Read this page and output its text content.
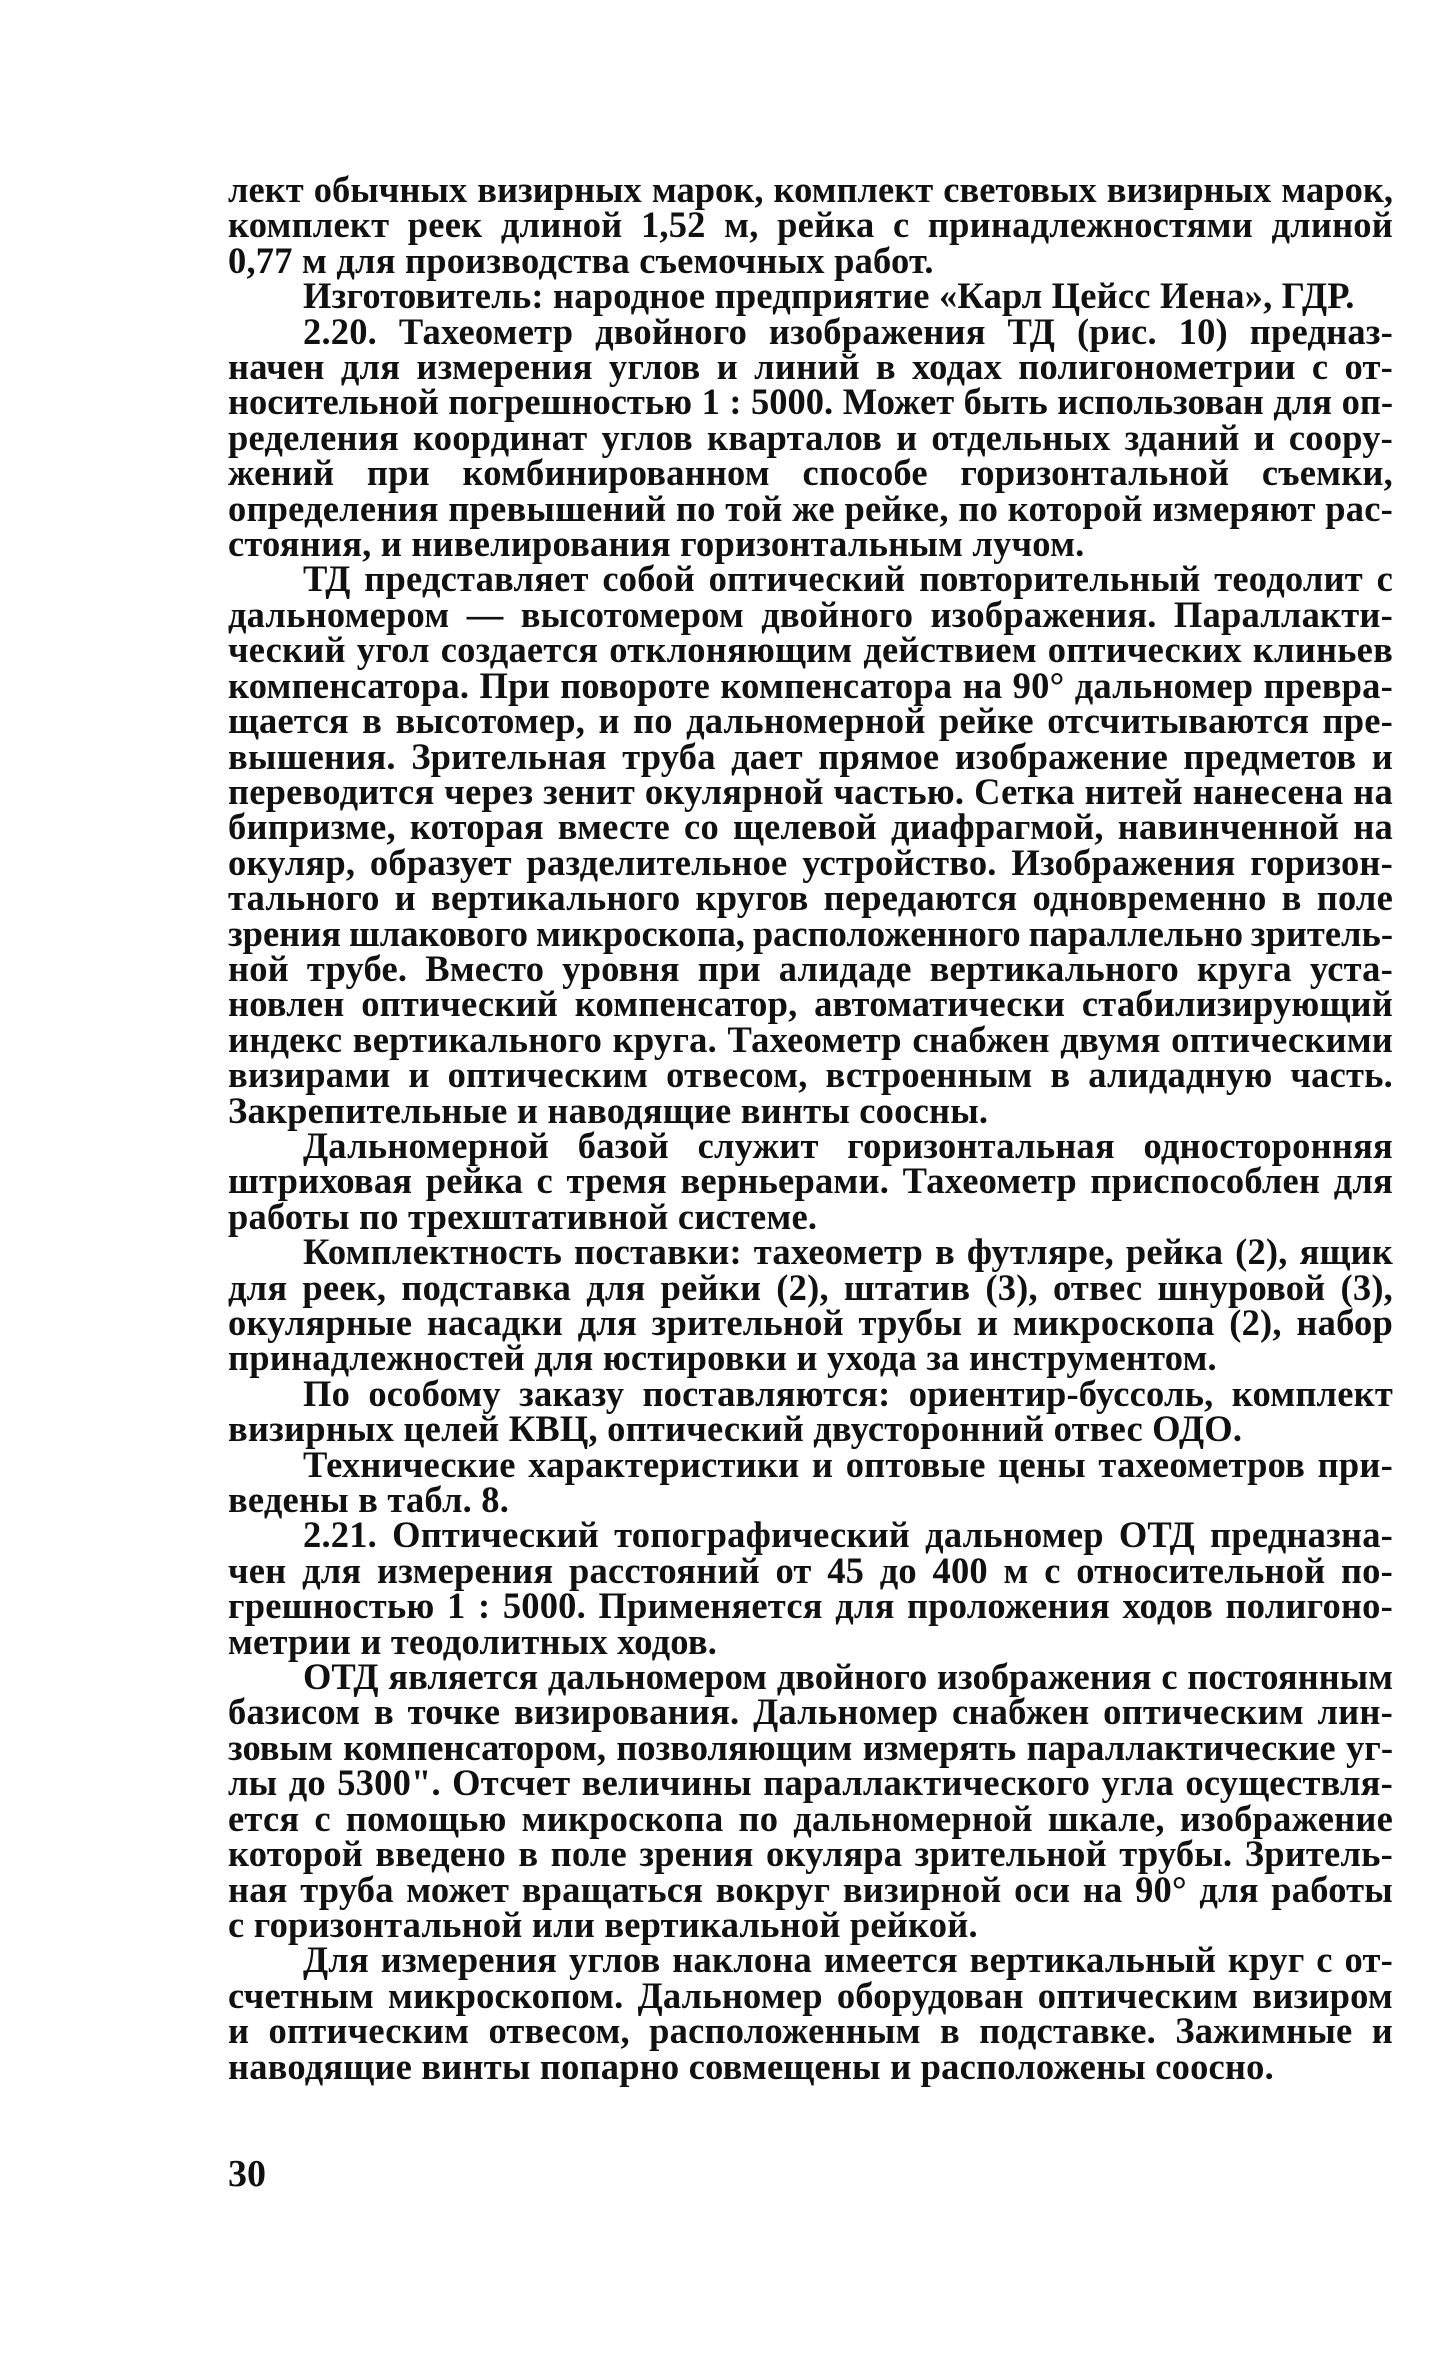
лект обычных визирных марок, комплект световых визирных марок,
комплект реек длиной 1,52 м, рейка с принадлежностями длиной
0,77 м для производства съемочных работ.
Изготовитель: народное предприятие «Карл Цейсс Иена», ГДР.
2.20. Тахеометр двойного изображения ТД (рис. 10) предназ-
начен для измерения углов и линий в ходах полигонометрии с от-
носительной погрешностью 1 : 5000. Может быть использован для оп-
ределения координат углов кварталов и отдельных зданий и соору-
жений при комбинированном способе горизонтальной съемки,
определения превышений по той же рейке, по которой измеряют рас-
стояния, и нивелирования горизонтальным лучом.
ТД представляет собой оптический повторительный теодолит с
дальномером — высотомером двойного изображения. Параллакти-
ческий угол создается отклоняющим действием оптических клиньев
компенсатора. При повороте компенсатора на 90° дальномер превра-
щается в высотомер, и по дальномерной рейке отсчитываются пре-
вышения. Зрительная труба дает прямое изображение предметов и
переводится через зенит окулярной частью. Сетка нитей нанесена на
бипризме, которая вместе со щелевой диафрагмой, навинченной на
окуляр, образует разделительное устройство. Изображения горизон-
тального и вертикального кругов передаются одновременно в поле
зрения шлакового микроскопа, расположенного параллельно зритель-
ной трубе. Вместо уровня при алидаде вертикального круга уста-
новлен оптический компенсатор, автоматически стабилизирующий
индекс вертикального круга. Тахеометр снабжен двумя оптическими
визирами и оптическим отвесом, встроенным в алидадную часть.
Закрепительные и наводящие винты соосны.
Дальномерной базой служит горизонтальная односторонняя
штриховая рейка с тремя верньерами. Тахеометр приспособлен для
работы по трехштативной системе.
Комплектность поставки: тахеометр в футляре, рейка (2), ящик
для реек, подставка для рейки (2), штатив (3), отвес шнуровой (3),
окулярные насадки для зрительной трубы и микроскопа (2), набор
принадлежностей для юстировки и ухода за инструментом.
По особому заказу поставляются: ориентир-буссоль, комплект
визирных целей КВЦ, оптический двусторонний отвес ОДО.
Технические характеристики и оптовые цены тахеометров при-
ведены в табл. 8.
2.21. Оптический топографический дальномер ОТД предназна-
чен для измерения расстояний от 45 до 400 м с относительной по-
грешностью 1 : 5000. Применяется для проложения ходов полигоно-
метрии и теодолитных ходов.
ОТД является дальномером двойного изображения с постоянным
базисом в точке визирования. Дальномер снабжен оптическим лин-
зовым компенсатором, позволяющим измерять параллактические уг-
лы до 5300". Отсчет величины параллактического угла осуществля-
ется с помощью микроскопа по дальномерной шкале, изображение
которой введено в поле зрения окуляра зрительной трубы. Зритель-
ная труба может вращаться вокруг визирной оси на 90° для работы
с горизонтальной или вертикальной рейкой.
Для измерения углов наклона имеется вертикальный круг с от-
счетным микроскопом. Дальномер оборудован оптическим визиром
и оптическим отвесом, расположенным в подставке. Зажимные и
наводящие винты попарно совмещены и расположены соосно.
30
